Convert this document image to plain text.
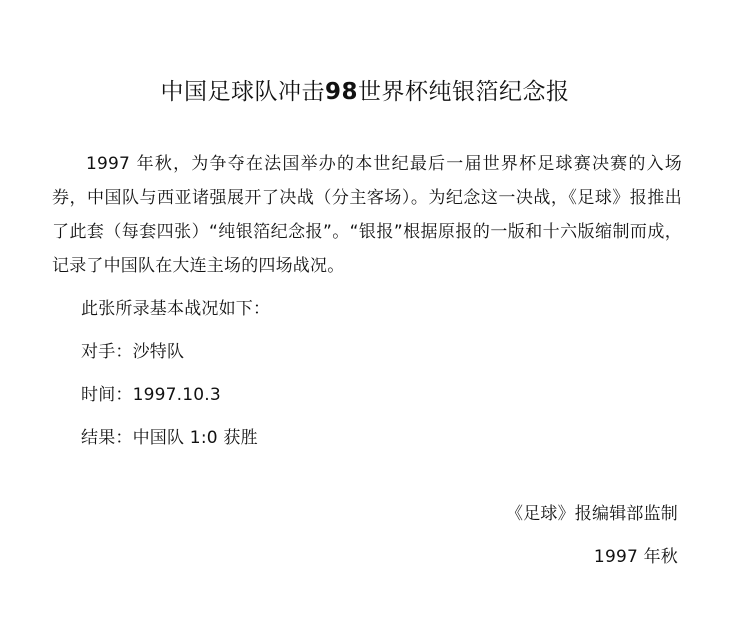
中国足球队冲击98世界杯纯银箔纪念报

1997 年秋，为争夺在法国举办的本世纪最后一届世界杯足球赛决赛的入场券，中国队与西亚诸强展开了决战（分主客场）。为纪念这一决战，《足球》报推出了此套（每套四张）“纯银箔纪念报”。“银报”根据原报的一版和十六版缩制而成，记录了中国队在大连主场的四场战况。

此张所录基本战况如下：

对手：沙特队

时间：1997.10.3

结果：中国队 1:0 获胜

《足球》报编辑部监制
1997 年秋
